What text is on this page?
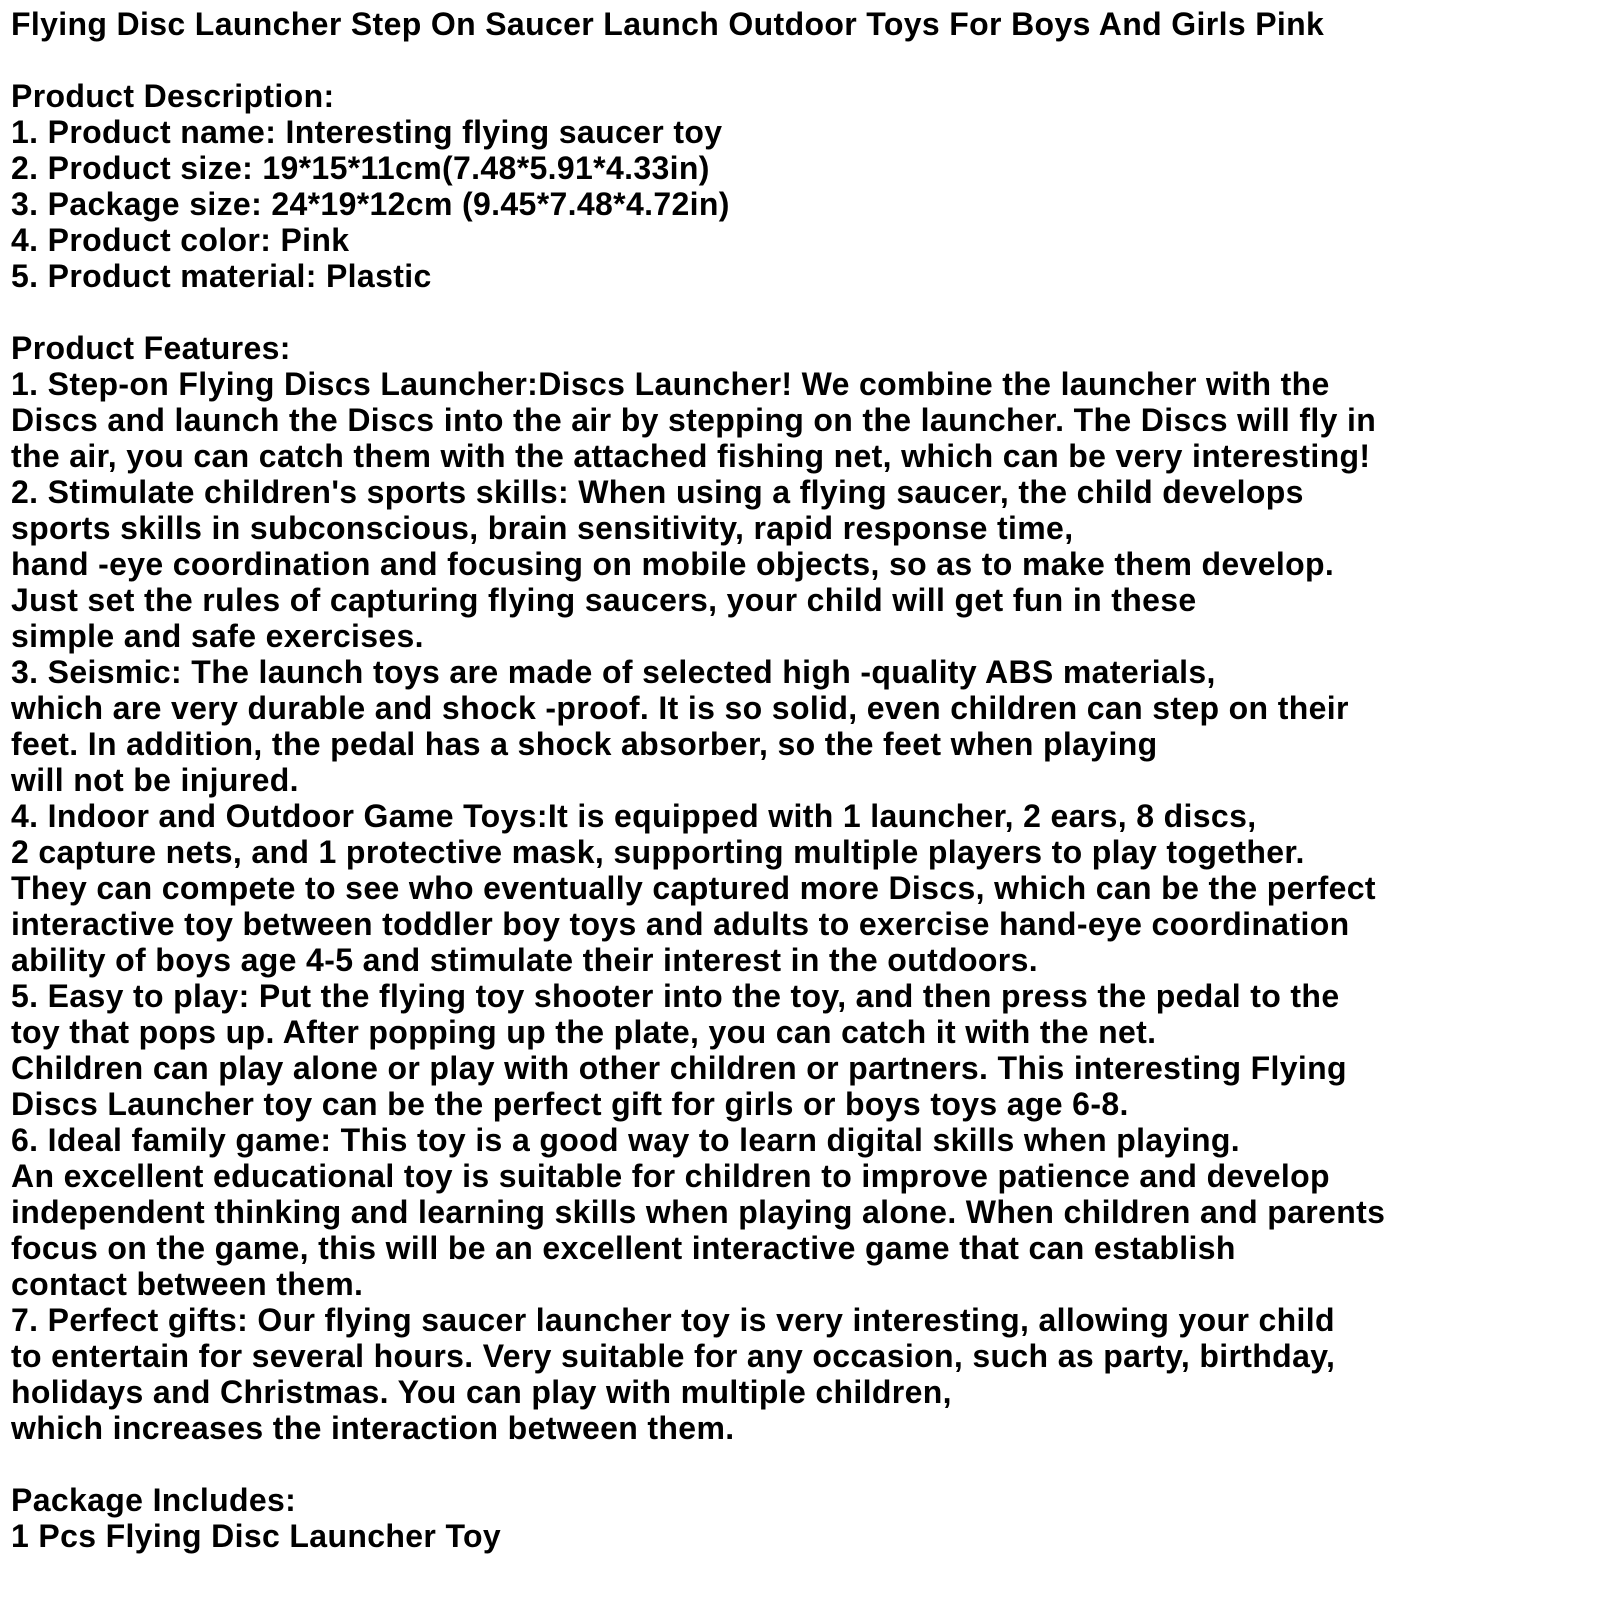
Flying Disc Launcher Step On Saucer Launch Outdoor Toys For Boys And Girls Pink
Product Description:
1. Product name: Interesting flying saucer toy
2. Product size: 19*15*11cm(7.48*5.91*4.33in)
3. Package size: 24*19*12cm (9.45*7.48*4.72in)
4. Product color: Pink
5. Product material: Plastic
Product Features:
1. Step-on Flying Discs Launcher:Discs Launcher! We combine the launcher with the
Discs and launch the Discs into the air by stepping on the launcher. The Discs will fly in
the air, you can catch them with the attached fishing net, which can be very interesting!
2. Stimulate children's sports skills: When using a flying saucer, the child develops
sports skills in subconscious, brain sensitivity, rapid response time,
hand -eye coordination and focusing on mobile objects, so as to make them develop.
Just set the rules of capturing flying saucers, your child will get fun in these
simple and safe exercises.
3. Seismic: The launch toys are made of selected high -quality ABS materials,
which are very durable and shock -proof. It is so solid, even children can step on their
feet. In addition, the pedal has a shock absorber, so the feet when playing
will not be injured.
4. Indoor and Outdoor Game Toys:It is equipped with 1 launcher, 2 ears, 8 discs,
2 capture nets, and 1 protective mask, supporting multiple players to play together.
They can compete to see who eventually captured more Discs, which can be the perfect
interactive toy between toddler boy toys and adults to exercise hand-eye coordination
ability of boys age 4-5 and stimulate their interest in the outdoors.
5. Easy to play: Put the flying toy shooter into the toy, and then press the pedal to the
toy that pops up. After popping up the plate, you can catch it with the net.
Children can play alone or play with other children or partners. This interesting Flying
Discs Launcher toy can be the perfect gift for girls or boys toys age 6-8.
6. Ideal family game: This toy is a good way to learn digital skills when playing.
An excellent educational toy is suitable for children to improve patience and develop
independent thinking and learning skills when playing alone. When children and parents
focus on the game, this will be an excellent interactive game that can establish
contact between them.
7. Perfect gifts: Our flying saucer launcher toy is very interesting, allowing your child
to entertain for several hours. Very suitable for any occasion, such as party, birthday,
holidays and Christmas. You can play with multiple children,
which increases the interaction between them.
Package Includes:
1 Pcs Flying Disc Launcher Toy
